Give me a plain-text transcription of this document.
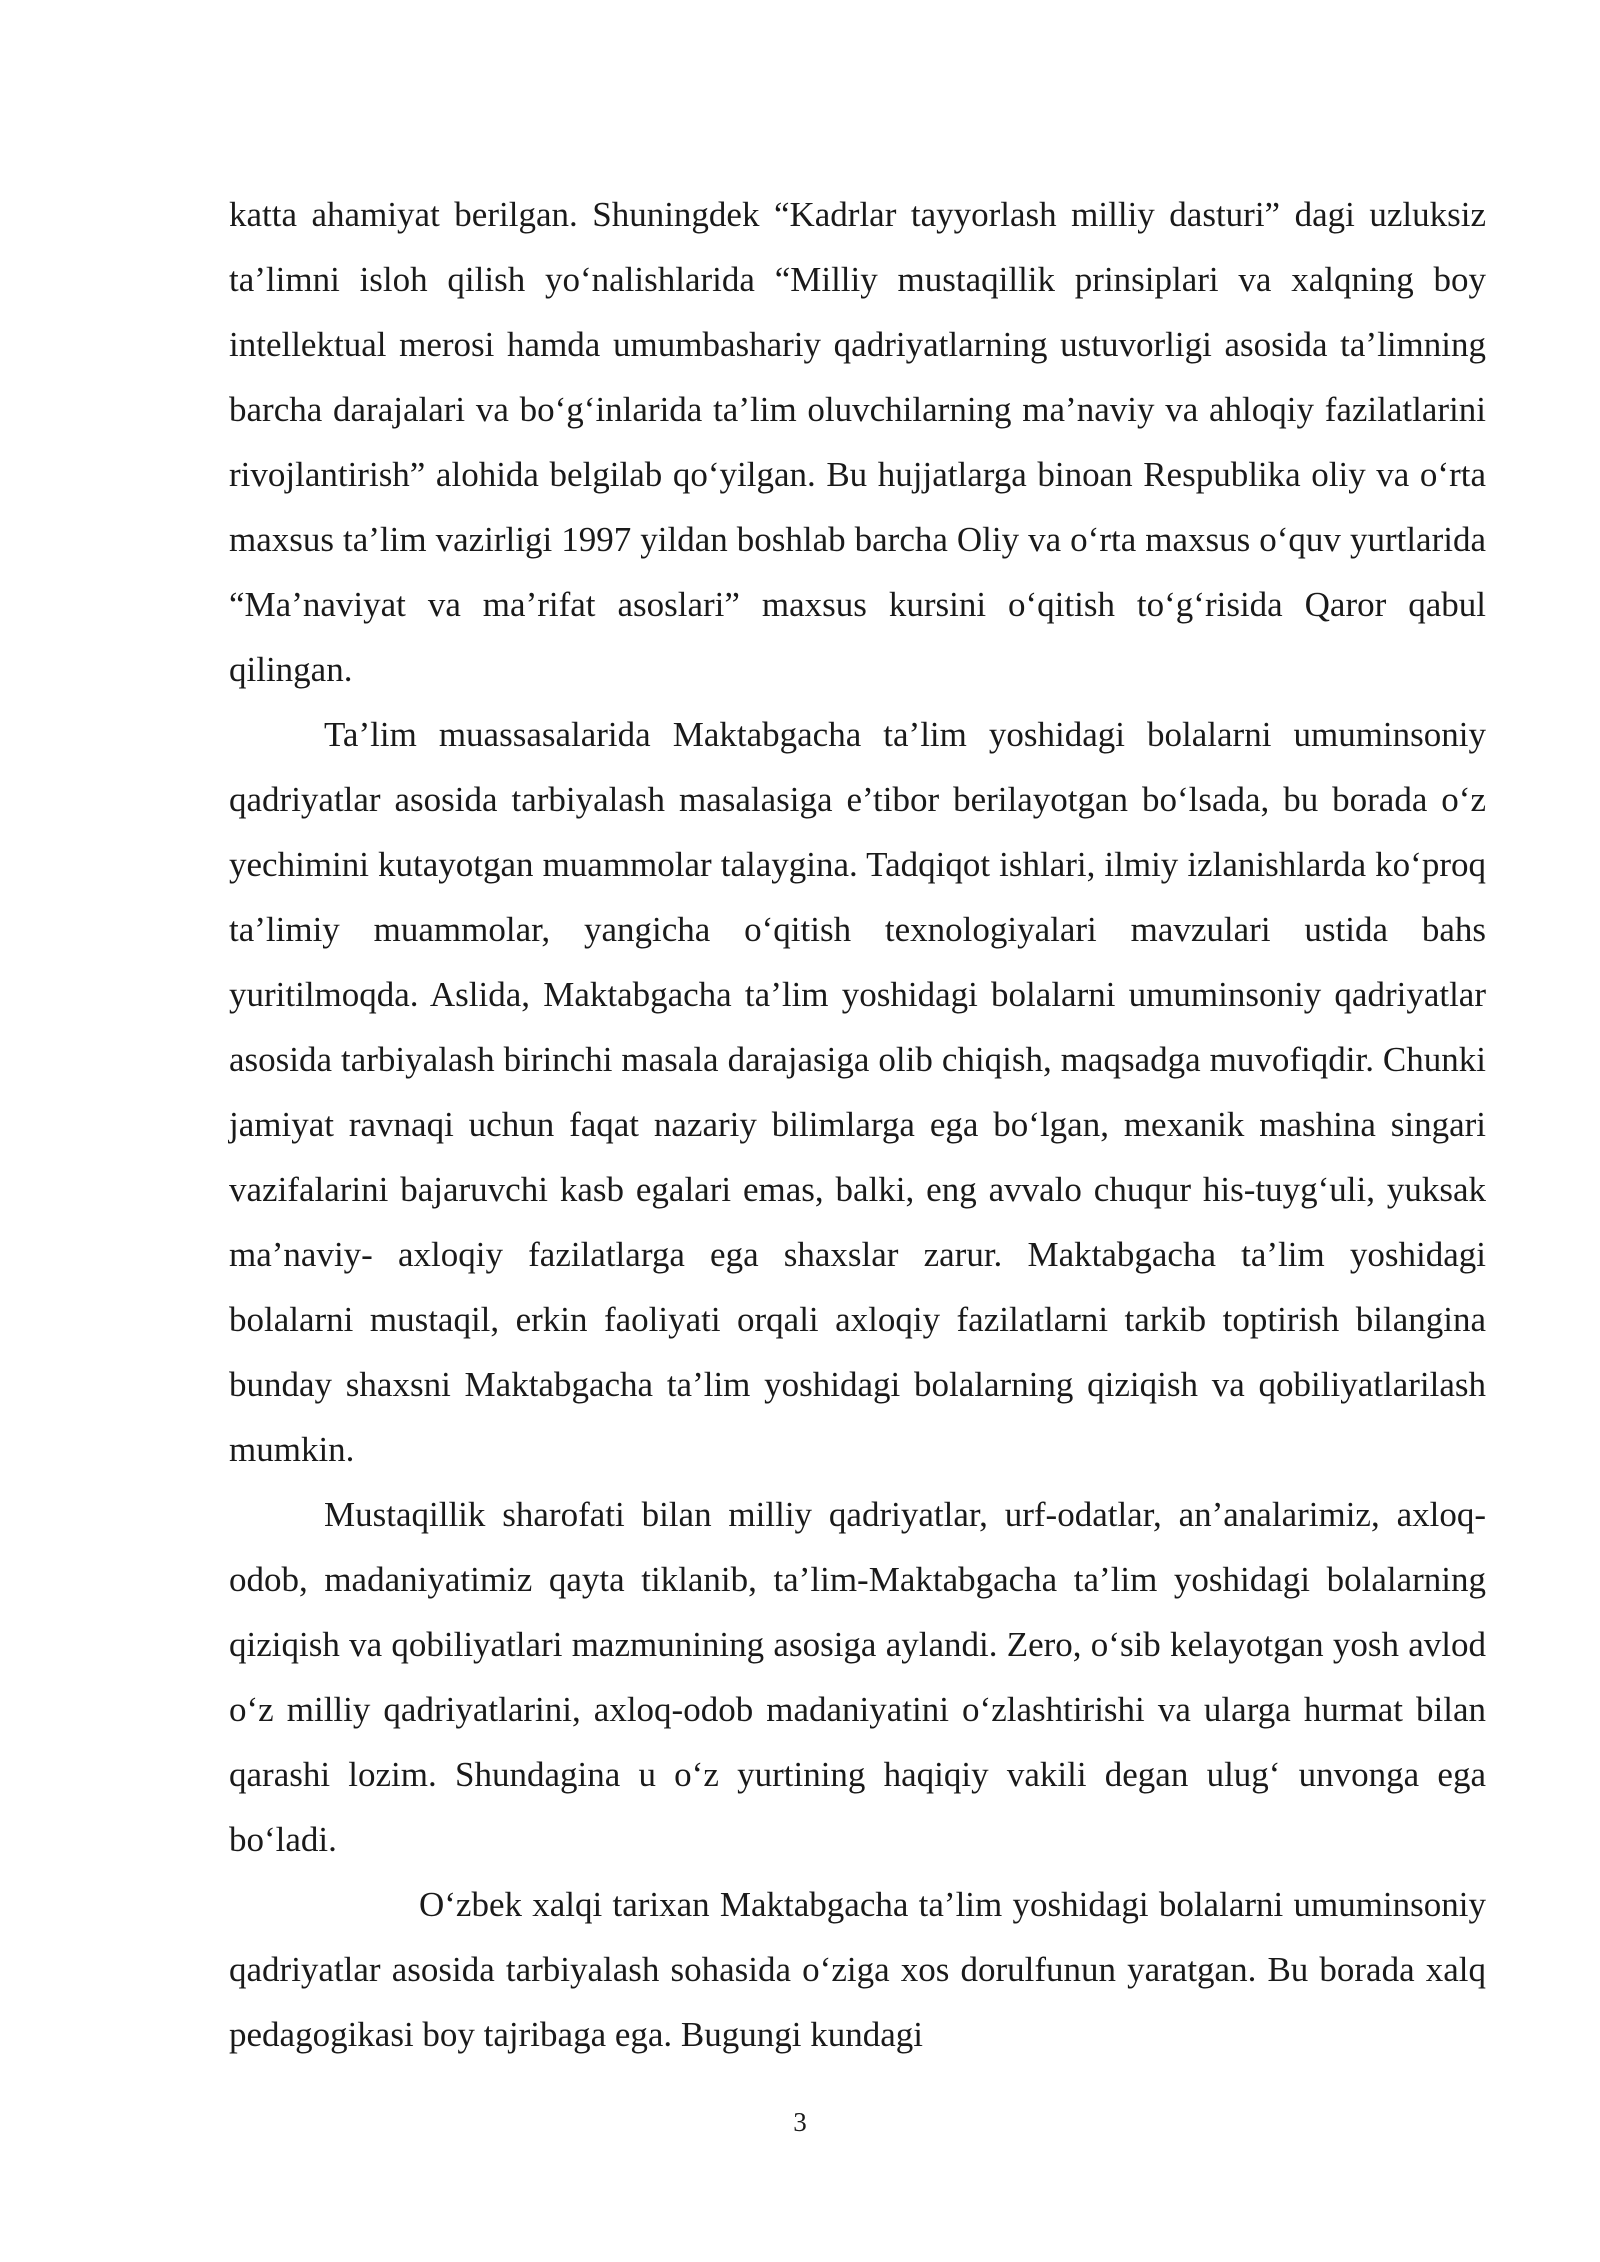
katta ahamiyat berilgan. Shuningdek “Kadrlar tayyorlash milliy dasturi” dagi uzluksiz ta’limni isloh qilish yo‘nalishlarida “Milliy mustaqillik prinsiplari va xalqning boy intellektual merosi hamda umumbashariy qadriyatlarning ustuvorligi asosida ta’limning barcha darajalari va bo‘g‘inlarida ta’lim oluvchilarning ma’naviy va ahloqiy fazilatlarini rivojlantirish” alohida belgilab qo‘yilgan. Bu hujjatlarga binoan Respublika oliy va o‘rta maxsus ta’lim vazirligi 1997 yildan boshlab barcha Oliy va o‘rta maxsus o‘quv yurtlarida “Ma’naviyat va ma’rifat asoslari” maxsus kursini o‘qitish to‘g‘risida Qaror qabul qilingan.

Ta’lim muassasalarida Maktabgacha ta’lim yoshidagi bolalarni umuminsoniy qadriyatlar asosida tarbiyalash masalasiga e’tibor berilayotgan bo‘lsada, bu borada o‘z yechimini kutayotgan muammolar talaygina. Tadqiqot ishlari, ilmiy izlanishlarda ko‘proq ta’limiy muammolar, yangicha o‘qitish texnologiyalari mavzulari ustida bahs yuritilmoqda. Aslida, Maktabgacha ta’lim yoshidagi bolalarni umuminsoniy qadriyatlar asosida tarbiyalash birinchi masala darajasiga olib chiqish, maqsadga muvofiqdir. Chunki jamiyat ravnaqi uchun faqat nazariy bilimlarga ega bo‘lgan, mexanik mashina singari vazifalarini bajaruvchi kasb egalari emas, balki, eng avvalo chuqur his-tuyg‘uli, yuksak ma’naviy- axloqiy fazilatlarga ega shaxslar zarur. Maktabgacha ta’lim yoshidagi bolalarni mustaqil, erkin faoliyati orqali axloqiy fazilatlarni tarkib toptirish bilangina bunday shaxsni Maktabgacha ta’lim yoshidagi bolalarning qiziqish va qobiliyatlarilash mumkin.

Mustaqillik sharofati bilan milliy qadriyatlar, urf-odatlar, an’analarimiz, axloq-odob, madaniyatimiz qayta tiklanib, ta’lim-Maktabgacha ta’lim yoshidagi bolalarning qiziqish va qobiliyatlari mazmunining asosiga aylandi. Zero, o‘sib kelayotgan yosh avlod o‘z milliy qadriyatlarini, axloq-odob madaniyatini o‘zlashtirishi va ularga hurmat bilan qarashi lozim. Shundagina u o‘z yurtining haqiqiy vakili degan ulug‘ unvonga ega bo‘ladi.

O‘zbek xalqi tarixan Maktabgacha ta’lim yoshidagi bolalarni umuminsoniy qadriyatlar asosida tarbiyalash sohasida o‘ziga xos dorulfunun yaratgan. Bu borada xalq pedagogikasi boy tajribaga ega. Bugungi kundagi

3
